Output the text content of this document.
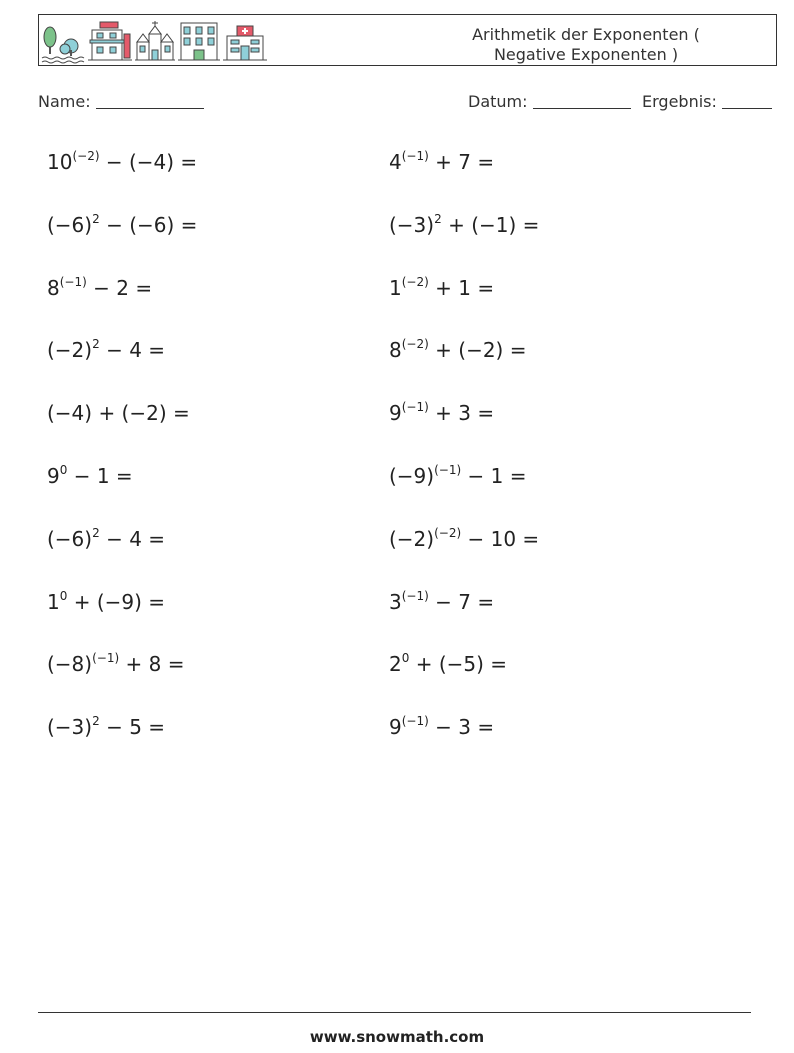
Arithmetik der Exponenten ( Negative Exponenten )
Name:	Datum:	Ergebnis:
$10^{(-2)} - (-4)$ =	$4^{(-1)} + 7$ =
$(-6)^2 - (-6)$ =	$(-3)^2 + (-1)$ =
$8^{(-1)} - 2$ =	$1^{(-2)} + 1$ =
$(-2)^2 - 4$ =	$8^{(-2)} + (-2)$ =
(−4) + (−2) =	$9^{(-1)} + 3$ =
$9^0 - 1$ =	$(-9)^{(-1)} - 1$ =
$(-6)^2 - 4$ =	$(-2)^{(-2)} - 10$ =
$1^0 + (-9)$ =	$3^{(-1)} - 7$ =
$(-8)^{(-1)} + 8$ =	$2^0 + (-5)$ =
$(-3)^2 - 5$ =	$9^{(-1)} - 3$ =
www.snowmath.com
